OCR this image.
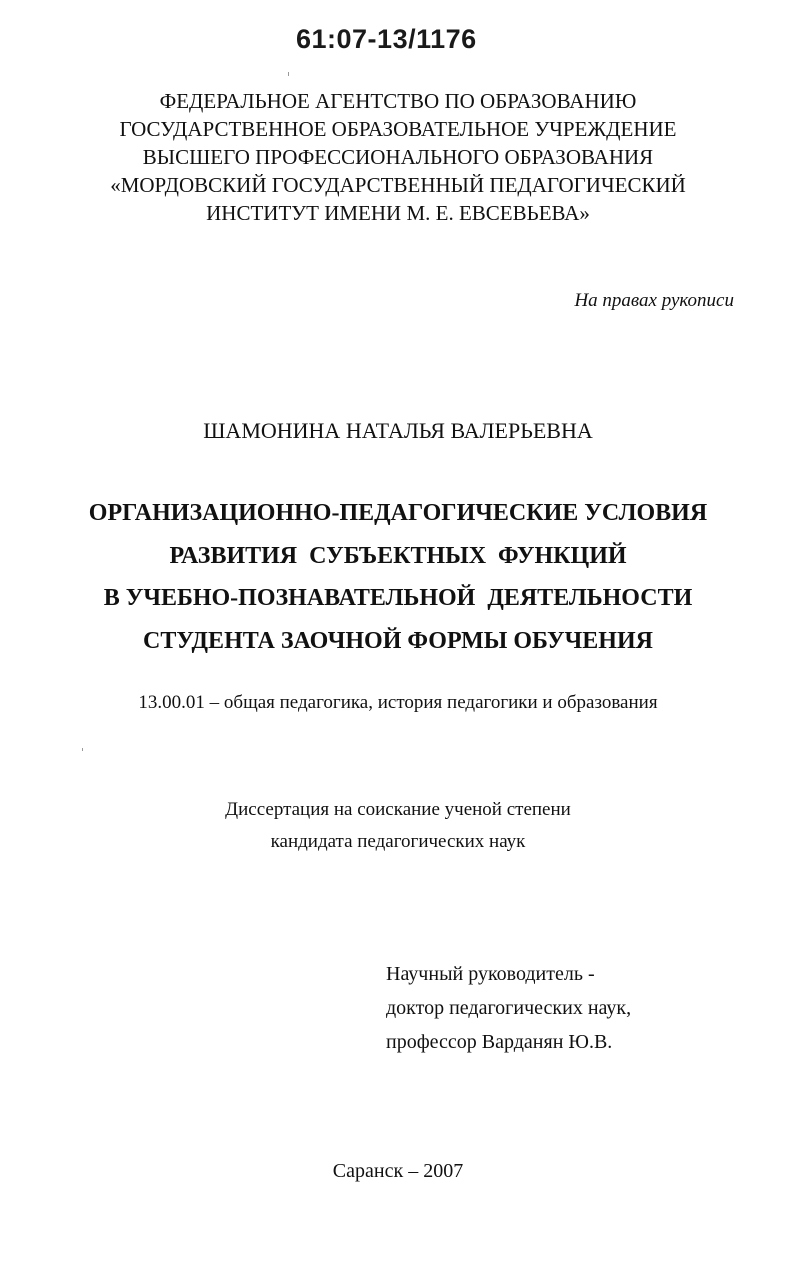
61:07-13/1176
ФЕДЕРАЛЬНОЕ АГЕНТСТВО ПО ОБРАЗОВАНИЮ
ГОСУДАРСТВЕННОЕ ОБРАЗОВАТЕЛЬНОЕ УЧРЕЖДЕНИЕ
ВЫСШЕГО ПРОФЕССИОНАЛЬНОГО ОБРАЗОВАНИЯ
«МОРДОВСКИЙ ГОСУДАРСТВЕННЫЙ ПЕДАГОГИЧЕСКИЙ
ИНСТИТУТ ИМЕНИ М. Е. ЕВСЕВЬЕВА»
На правах рукописи
ШАМОНИНА НАТАЛЬЯ ВАЛЕРЬЕВНА
ОРГАНИЗАЦИОННО-ПЕДАГОГИЧЕСКИЕ УСЛОВИЯ
РАЗВИТИЯ  СУБЪЕКТНЫХ  ФУНКЦИЙ
В УЧЕБНО-ПОЗНАВАТЕЛЬНОЙ  ДЕЯТЕЛЬНОСТИ
СТУДЕНТА ЗАОЧНОЙ ФОРМЫ ОБУЧЕНИЯ
13.00.01 – общая педагогика, история педагогики и образования
Диссертация на соискание ученой степени
кандидата педагогических наук
Научный руководитель -
доктор педагогических наук,
профессор Варданян Ю.В.
Саранск – 2007
